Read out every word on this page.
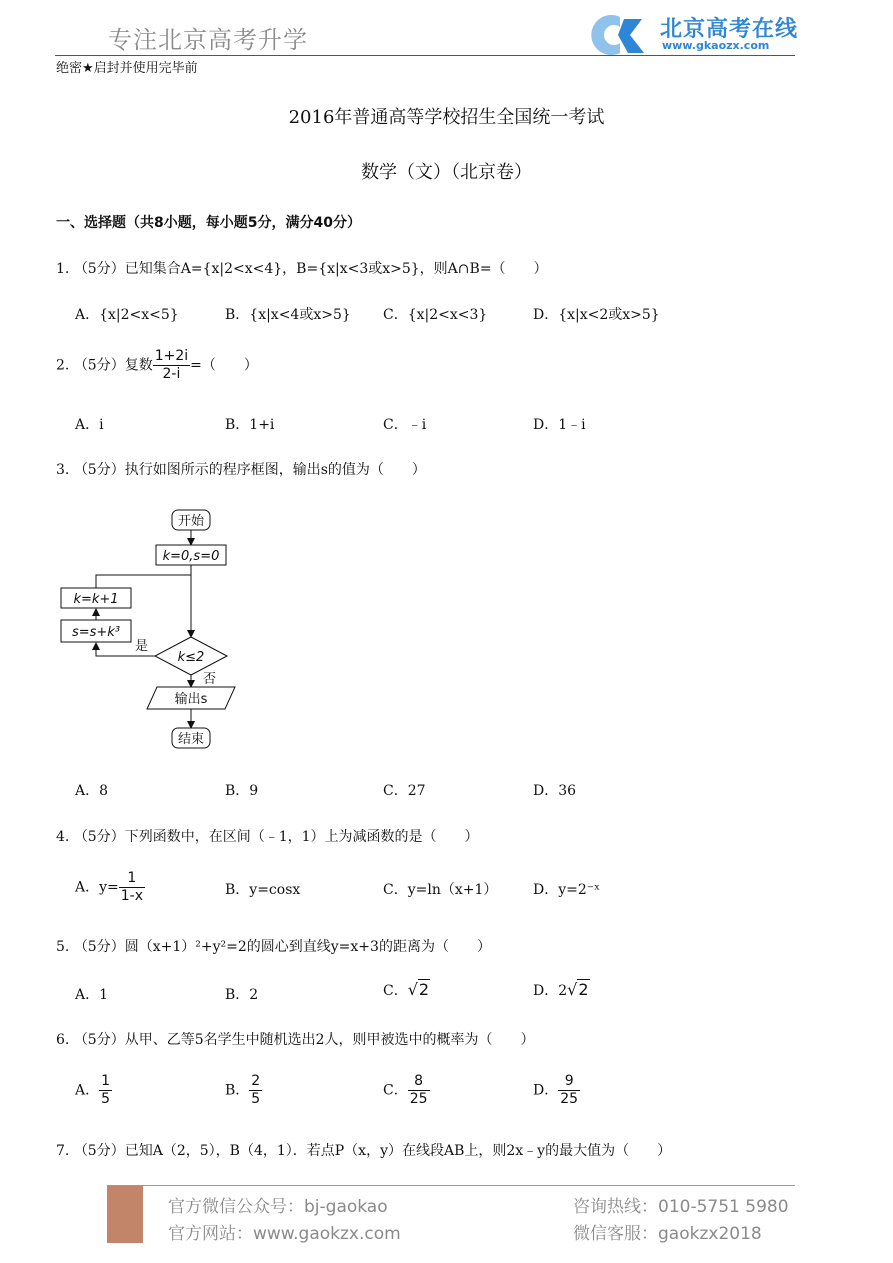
专注北京高考升学	北京高考在线
www.gkaozx.com
绝密★启封并使用完毕前
2016年普通高等学校招生全国统一考试
数学（文）（北京卷）
一、选择题（共8小题，每小题5分，满分40分）
1. （5分）已知集合A={x|2<x<4}，B={x|x<3或x>5}，则A∩B=（　　）
A．{x|2<x<5}	B．{x|x<4或x>5} C．{x|2<x<3}	D．{x|x<2或x>5}
2. （5分）复数 $\frac{1+2i}{2-i}$ =（　　）
A．i	B．1+i	C．﹣i	D．1﹣i
3. （5分）执行如图所示的程序框图，输出s的值为（　　）
开始
k=0,s=0
k=k+1
s=s+k³
k≤2
是
否
输出s
结束
A．8	B．9	C．27	D．36
4. （5分）下列函数中，在区间（﹣1，1）上为减函数的是（　　）
A．$y= \frac{1}{1-x}$	B．y=cosx	C．y=ln（x+1）	D．y=2⁻ˣ
5. （5分）圆（x+1）²+y²=2的圆心到直线y=x+3的距离为（　　）
A．1	B．2	C．√2	D．2√2
6. （5分）从甲、乙等5名学生中随机选出2人，则甲被选中的概率为（　　）
A． $\frac{1}{5}$	B． $\frac{2}{5}$	C． $\frac{8}{25}$	D． $\frac{9}{25}$
7. （5分）已知A（2，5），B（4，1）．若点P（x，y）在线段AB上，则2x﹣y的最大值为（　　）
官方微信公众号：bj-gaokao
官方网站：www.gaokzx.com
咨询热线：010-5751 5980
微信客服：gaokzx2018
